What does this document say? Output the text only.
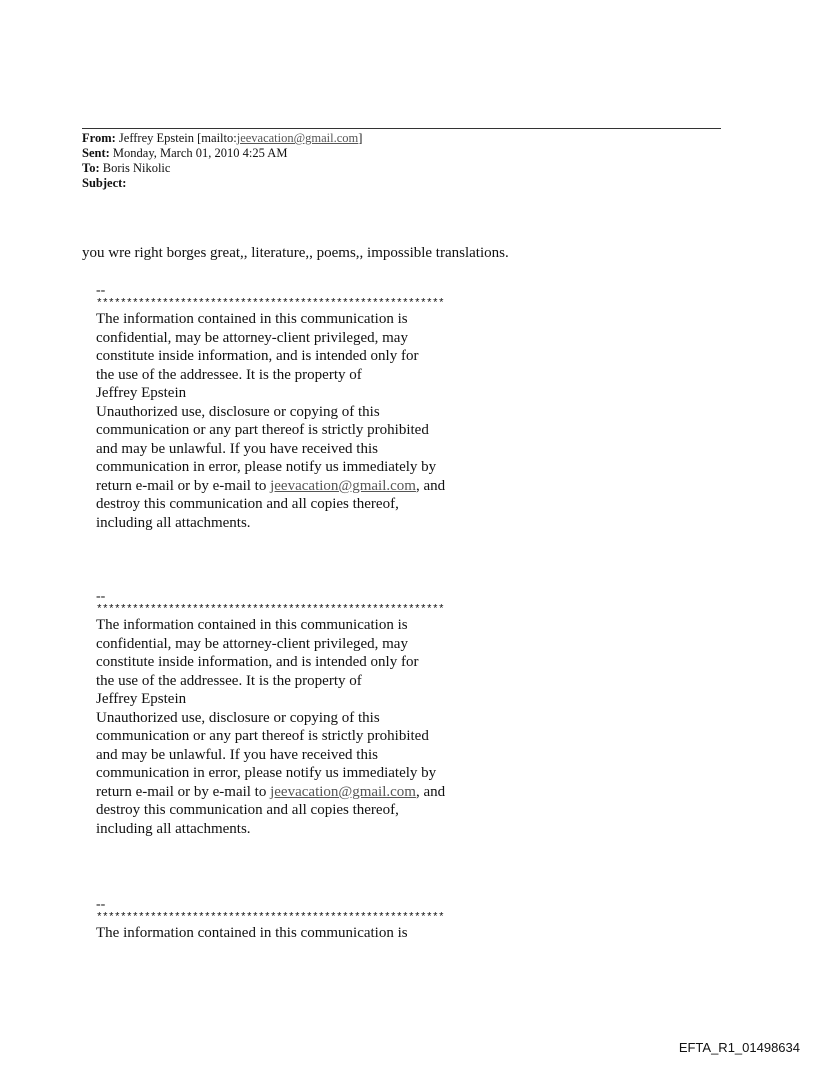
From: Jeffrey Epstein [mailto:jeevacation@gmail.com]
Sent: Monday, March 01, 2010 4:25 AM
To: Boris Nikolic
Subject:
you wre right borges great,, literature,, poems,, impossible translations.
--
**********************************************************
The information contained in this communication is
confidential, may be attorney-client privileged, may
constitute inside information, and is intended only for
the use of the addressee. It is the property of
Jeffrey Epstein
Unauthorized use, disclosure or copying of this
communication or any part thereof is strictly prohibited
and may be unlawful. If you have received this
communication in error, please notify us immediately by
return e-mail or by e-mail to jeevacation@gmail.com, and
destroy this communication and all copies thereof,
including all attachments.
--
**********************************************************
The information contained in this communication is
confidential, may be attorney-client privileged, may
constitute inside information, and is intended only for
the use of the addressee. It is the property of
Jeffrey Epstein
Unauthorized use, disclosure or copying of this
communication or any part thereof is strictly prohibited
and may be unlawful. If you have received this
communication in error, please notify us immediately by
return e-mail or by e-mail to jeevacation@gmail.com, and
destroy this communication and all copies thereof,
including all attachments.
--
**********************************************************
The information contained in this communication is
EFTA_R1_01498634
